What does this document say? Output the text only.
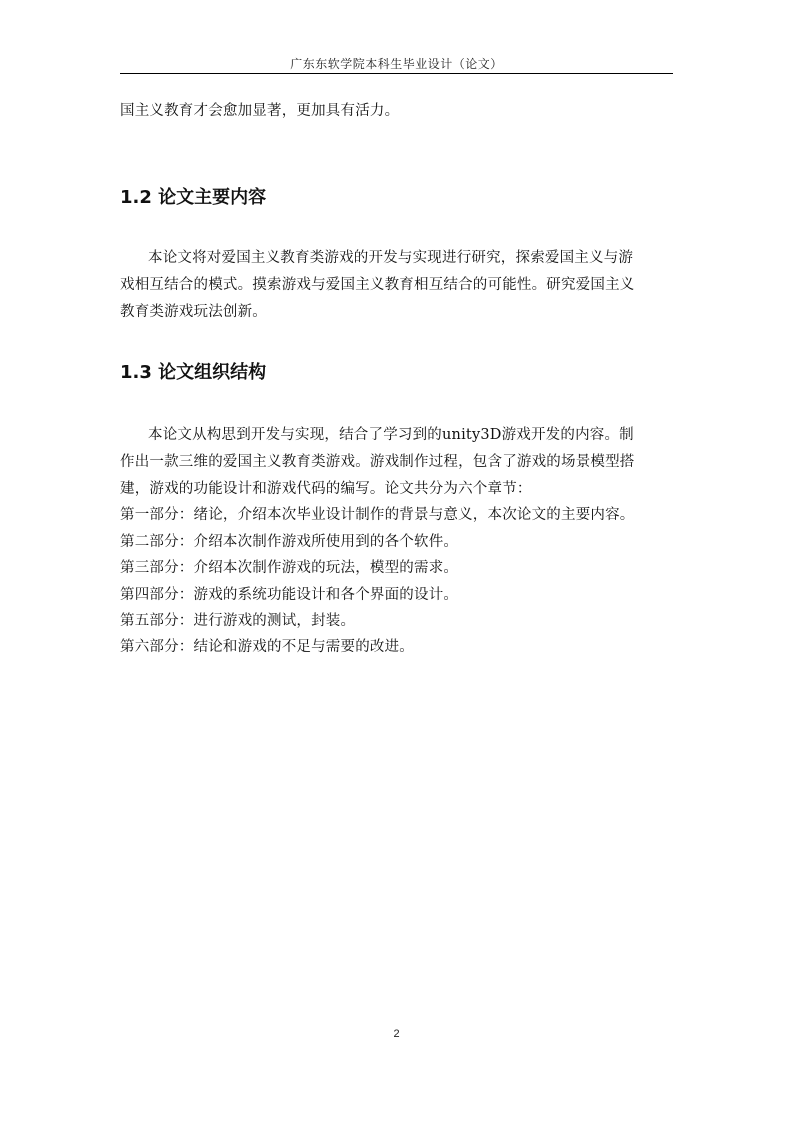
广东东软学院本科生毕业设计（论文）
国主义教育才会愈加显著，更加具有活力。
1.2 论文主要内容
本论文将对爱国主义教育类游戏的开发与实现进行研究，探索爱国主义与游
戏相互结合的模式。摸索游戏与爱国主义教育相互结合的可能性。研究爱国主义
教育类游戏玩法创新。
1.3 论文组织结构
本论文从构思到开发与实现，结合了学习到的unity3D游戏开发的内容。制
作出一款三维的爱国主义教育类游戏。游戏制作过程，包含了游戏的场景模型搭
建，游戏的功能设计和游戏代码的编写。论文共分为六个章节：
第一部分：绪论，介绍本次毕业设计制作的背景与意义，本次论文的主要内容。
第二部分：介绍本次制作游戏所使用到的各个软件。
第三部分：介绍本次制作游戏的玩法，模型的需求。
第四部分：游戏的系统功能设计和各个界面的设计。
第五部分：进行游戏的测试，封装。
第六部分：结论和游戏的不足与需要的改进。
2
